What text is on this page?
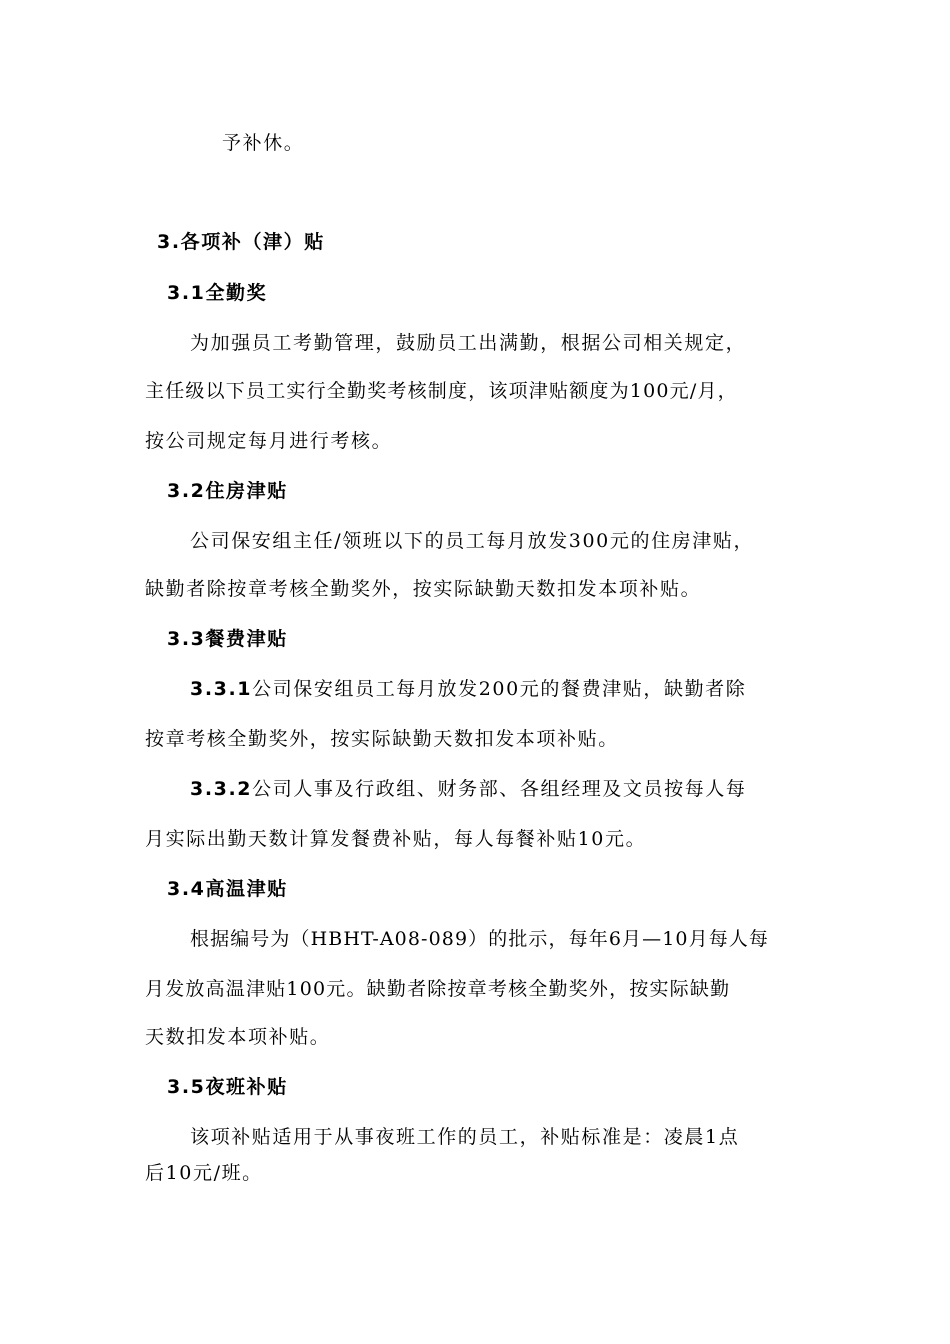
予补休。
3.各项补（津）贴
3.1全勤奖
为加强员工考勤管理，鼓励员工出满勤，根据公司相关规定，
主任级以下员工实行全勤奖考核制度，该项津贴额度为100元/月，
按公司规定每月进行考核。
3.2住房津贴
公司保安组主任/领班以下的员工每月放发300元的住房津贴，
缺勤者除按章考核全勤奖外，按实际缺勤天数扣发本项补贴。
3.3餐费津贴
3.3.1公司保安组员工每月放发200元的餐费津贴，缺勤者除
按章考核全勤奖外，按实际缺勤天数扣发本项补贴。
3.3.2公司人事及行政组、财务部、各组经理及文员按每人每
月实际出勤天数计算发餐费补贴，每人每餐补贴10元。
3.4高温津贴
根据编号为（HBHT-A08-089）的批示，每年6月—10月每人每
月发放高温津贴100元。缺勤者除按章考核全勤奖外，按实际缺勤
天数扣发本项补贴。
3.5夜班补贴
该项补贴适用于从事夜班工作的员工，补贴标准是：凌晨1点
后10元/班。
